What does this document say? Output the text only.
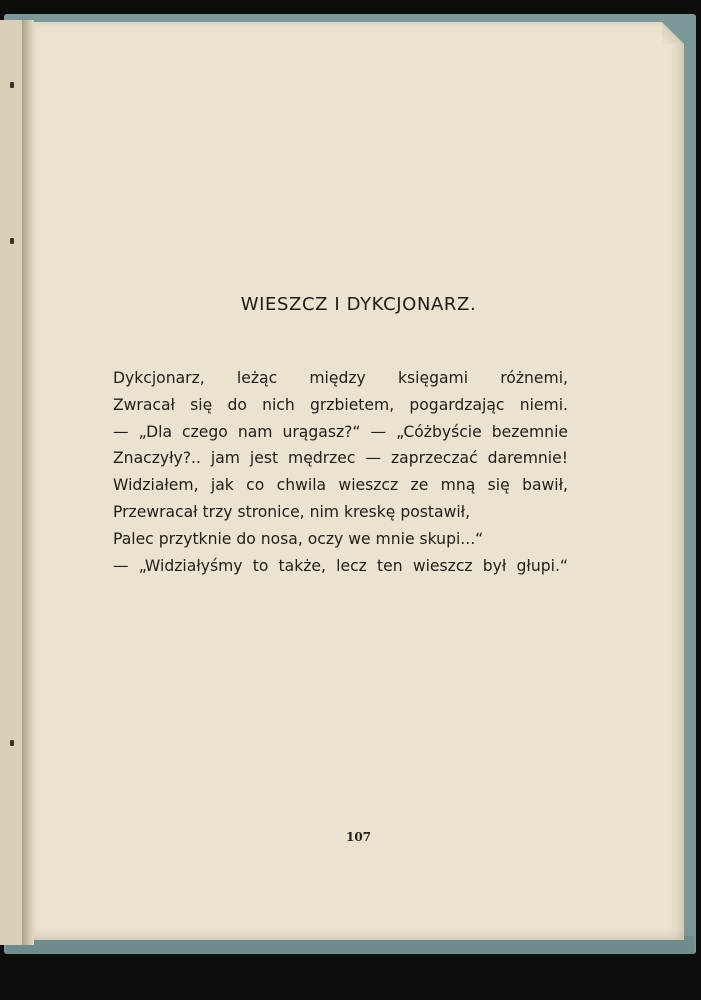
WIESZCZ I DYKCJONARZ.
Dykcjonarz, leżąc między księgami różnemi,
Zwracał się do nich grzbietem, pogardzając niemi.
— „Dla czego nam urągasz?“ — „Cóżbyście bezemnie
Znaczyły?.. jam jest mędrzec — zaprzeczać daremnie!
Widziałem, jak co chwila wieszcz ze mną się bawił,
Przewracał trzy stronice, nim kreskę postawił,
Palec przytknie do nosa, oczy we mnie skupi...“
— „Widziałyśmy to także, lecz ten wieszcz był głupi.“
107
